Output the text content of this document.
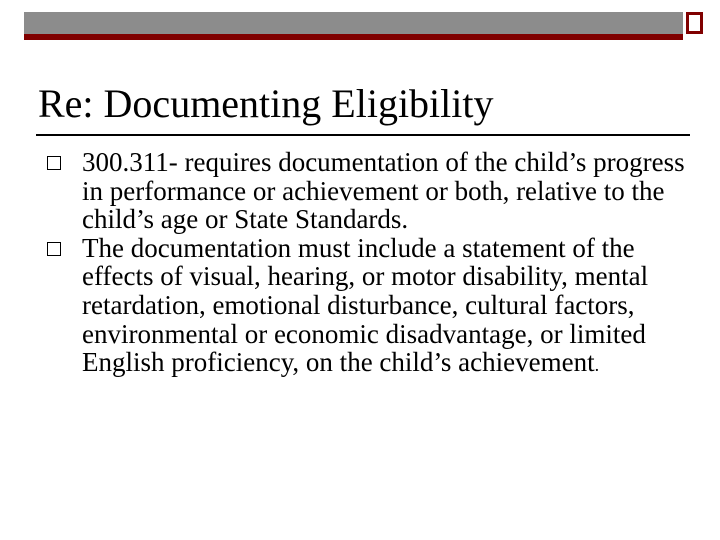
Re: Documenting Eligibility
300.311- requires documentation of the child’s progress in performance or achievement or both, relative to the child’s age or State Standards.
The documentation must include a statement of the effects of visual, hearing, or motor disability, mental retardation, emotional disturbance, cultural factors, environmental or economic disadvantage, or limited English proficiency, on the child’s achievement.
